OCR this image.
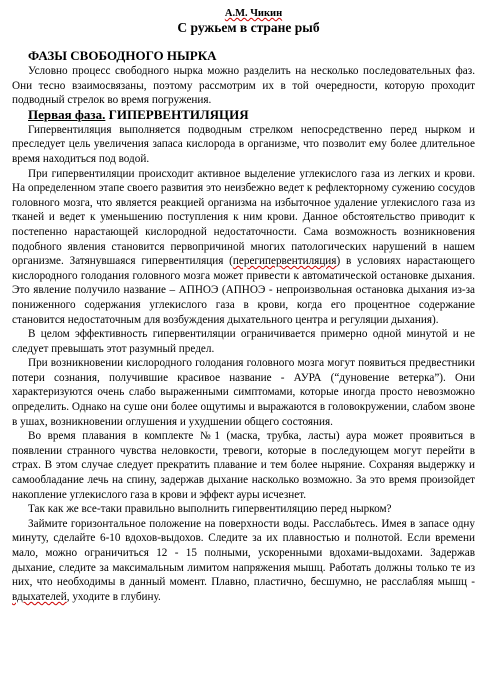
А.М. Чикин
С ружьем в стране рыб
ФАЗЫ СВОБОДНОГО НЫРКА

Условно процесс свободного нырка можно разделить на несколько последовательных фаз. Они тесно взаимосвязаны, поэтому рассмотрим их в той очередности, которую проходит подводный стрелок во время погружения.

Первая фаза. ГИПЕРВЕНТИЛЯЦИЯ

Гипервентиляция выполняется подводным стрелком непосредственно перед нырком и преследует цель увеличения запаса кислорода в организме, что позволит ему более длительное время находиться под водой.

При гипервентиляции происходит активное выделение углекислого газа из легких и крови. На определенном этапе своего развития это неизбежно ведет к рефлекторному сужению сосудов головного мозга, что является реакцией организма на избыточное удаление углекислого газа из тканей и ведет к уменьшению поступления к ним крови. Данное обстоятельство приводит к постепенно нарастающей кислородной недостаточности. Сама возможность возникновения подобного явления становится первопричиной многих патологических нарушений в нашем организме. Затянувшаяся гипервентиляция (перегипервентиляция) в условиях нарастающего кислородного голодания головного мозга может привести к автоматической остановке дыхания. Это явление получило название – АПНОЭ (АПНОЭ - непроизвольная остановка дыхания из-за пониженного содержания углекислого газа в крови, когда его процентное содержание становится недостаточным для возбуждения дыхательного центра и регуляции дыхания).

В целом эффективность гипервентиляции ограничивается примерно одной минутой и не следует превышать этот разумный предел.

При возникновении кислородного голодания головного мозга могут появиться предвестники потери сознания, получившие красивое название - АУРА (“дуновение ветерка”). Они характеризуются очень слабо выраженными симптомами, которые иногда просто невозможно определить. Однако на суше они более ощутимы и выражаются в головокружении, слабом звоне в ушах, возникновении оглушения и ухудшении общего состояния.

Во время плавания в комплекте №1 (маска, трубка, ласты) аура может проявиться в появлении странного чувства неловкости, тревоги, которые в последующем могут перейти в страх. В этом случае следует прекратить плавание и тем более ныряние. Сохраняя выдержку и самообладание лечь на спину, задержав дыхание насколько возможно. За это время произойдет накопление углекислого газа в крови и эффект ауры исчезнет.

Так как же все-таки правильно выполнить гипервентиляцию перед нырком?

Займите горизонтальное положение на поверхности воды. Расслабьтесь. Имея в запасе одну минуту, сделайте 6-10 вдохов-выдохов. Следите за их плавностью и полнотой. Если времени мало, можно ограничиться 12 - 15 полными, ускоренными вдохами-выдохами. Задержав дыхание, следите за максимальным лимитом напряжения мышц. Работать должны только те из них, что необходимы в данный момент. Плавно, пластично, бесшумно, не расслабляя мышц - вдыхателей, уходите в глубину.
